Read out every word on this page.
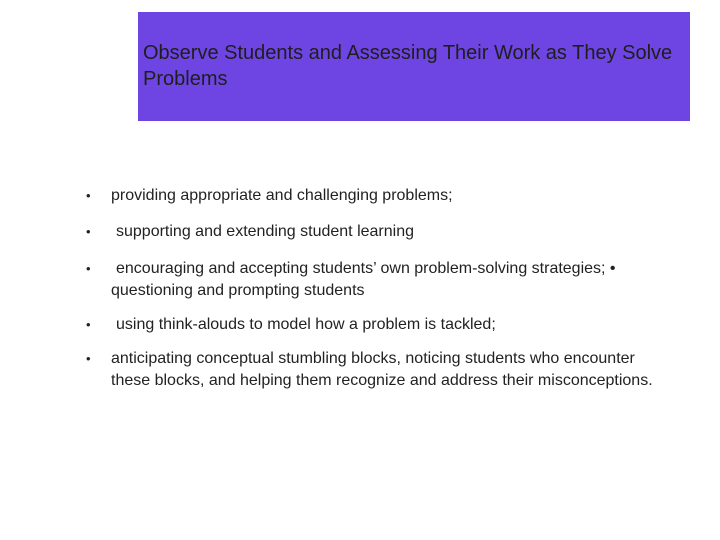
Observe Students and Assessing Their Work as They Solve Problems
• providing appropriate and challenging problems;
•	supporting and extending student learning
•	encouraging and accepting students’ own problem-solving strategies; •
questioning and prompting students
•	using think-alouds to model how a problem is tackled;
• anticipating conceptual stumbling blocks, noticing students who encounter these blocks, and helping them recognize and address their misconceptions.
